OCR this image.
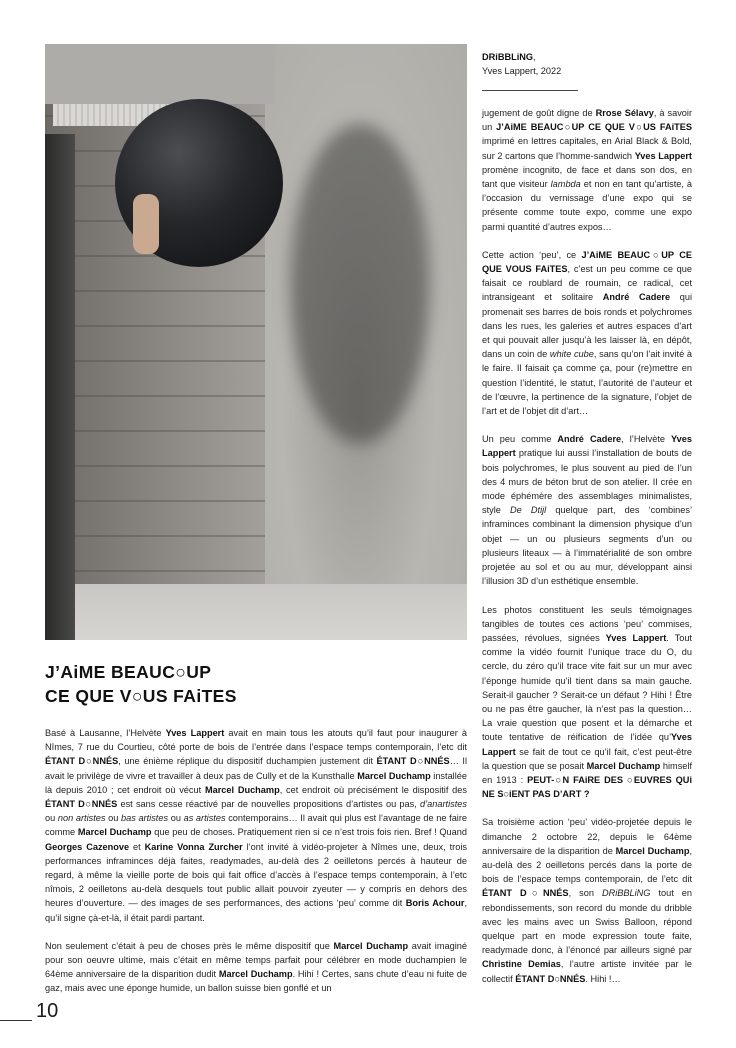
DRiBBLiNG,
Yves Lappert, 2022
J’AiME BEAUC○UP
CE QUE V○US FAiTES

Basé à Lausanne, l’Helvète Yves Lappert avait en main tous les atouts qu’il faut pour inaugurer à Nîmes, 7 rue du Courtieu, côté porte de bois de l’entrée dans l’espace temps contemporain, l’etc dit ÉTANT D○NNÉS, une énième réplique du dispositif duchampien justement dit ÉTANT D○NNÉS… Il avait le privilège de vivre et travailler à deux pas de Cully et de la Kunsthalle Marcel Duchamp installée là depuis 2010 ; cet endroit où vécut Marcel Duchamp, cet endroit où précisément le dispositif des ÉTANT D○NNÉS est sans cesse réactivé par de nouvelles propositions d’artistes ou pas, d’anartistes ou non artistes ou bas artistes ou as artistes contemporains… Il avait qui plus est l’avantage de ne faire comme Marcel Duchamp que peu de choses. Pratiquement rien si ce n’est trois fois rien. Bref ! Quand Georges Cazenove et Karine Vonna Zurcher l’ont invité à vidéo-projeter à Nîmes une, deux, trois performances inframinces déjà faites, readymades, au-delà des 2 oeilletons percés à hauteur de regard, à même la vieille porte de bois qui fait office d’accès à l’espace temps contemporain, à l’etc nîmois, 2 oeilletons au-delà desquels tout public allait pouvoir zyeuter — y compris en dehors des heures d’ouverture. — des images de ses performances, des actions ‘peu’ comme dit Boris Achour, qu’il signe çà-et-là, il était pardi partant.

Non seulement c’était à peu de choses près le même dispositif que Marcel Duchamp avait imaginé pour son oeuvre ultime, mais c’était en même temps parfait pour célébrer en mode duchampien le 64ème anniversaire de la disparition dudit Marcel Duchamp. Hihi ! Certes, sans chute d’eau ni fuite de gaz, mais avec une éponge humide, un ballon suisse bien gonflé et un

jugement de goût digne de Rrose Sélavy, à savoir un J’AiME BEAUC○UP CE QUE V○US FAiTES imprimé en lettres capitales, en Arial Black & Bold, sur 2 cartons que l’homme-sandwich Yves Lappert promène incognito, de face et dans son dos, en tant que visiteur lambda et non en tant qu’artiste, à l’occasion du vernissage d’une expo qui se présente comme toute expo, comme une expo parmi quantité d’autres expos…

Cette action ‘peu’, ce J’AiME BEAUC○UP CE QUE VOUS FAiTES, c’est un peu comme ce que faisait ce roublard de roumain, ce radical, cet intransigeant et solitaire André Cadere qui promenait ses barres de bois ronds et polychromes dans les rues, les galeries et autres espaces d’art et qui pouvait aller jusqu’à les laisser là, en dépôt, dans un coin de white cube, sans qu’on l’ait invité à le faire. Il faisait ça comme ça, pour (re)mettre en question l’identité, le statut, l’autorité de l’auteur et de l’œuvre, la pertinence de la signature, l’objet de l’art et de l’objet dit d’art…

Un peu comme André Cadere, l’Helvète Yves Lappert pratique lui aussi l’installation de bouts de bois polychromes, le plus souvent au pied de l’un des 4 murs de béton brut de son atelier. Il crée en mode éphémère des assemblages minimalistes, style De Dtijl quelque part, des ‘combines’ inframinces combinant la dimension physique d’un objet — un ou plusieurs segments d’un ou plusieurs liteaux — à l’immatérialité de son ombre projetée au sol et ou au mur, développant ainsi l’illusion 3D d’un esthétique ensemble.

Les photos constituent les seuls témoignages tangibles de toutes ces actions ‘peu’ commises, passées, révolues, signées Yves Lappert. Tout comme la vidéo fournit l’unique trace du O, du cercle, du zéro qu’il trace vite fait sur un mur avec l’éponge humide qu’il tient dans sa main gauche. Serait-il gaucher ? Serait-ce un défaut ? Hihi ! Être ou ne pas être gaucher, là n’est pas la question… La vraie question que posent et la démarche et toute tentative de réification de l’idée qu’Yves Lappert se fait de tout ce qu’il fait, c’est peut-être la question que se posait Marcel Duchamp himself en 1913 : PEUT-○N FAiRE DES ○EUVRES QUi NE S○iENT PAS D’ART ?

Sa troisième action ‘peu’ vidéo-projetée depuis le dimanche 2 octobre 22, depuis le 64ème anniversaire de la disparition de Marcel Duchamp, au-delà des 2 oeilletons percés dans la porte de bois de l’espace temps contemporain, de l’etc dit ÉTANT D○NNÉS, son DRiBBLiNG tout en rebondissements, son record du monde du dribble avec les mains avec un Swiss Balloon, répond quelque part en mode expression toute faite, readymade donc, à l’énoncé par ailleurs signé par Christine Demias, l’autre artiste invitée par le collectif ÉTANT D○NNÉS. Hihi !…

10
